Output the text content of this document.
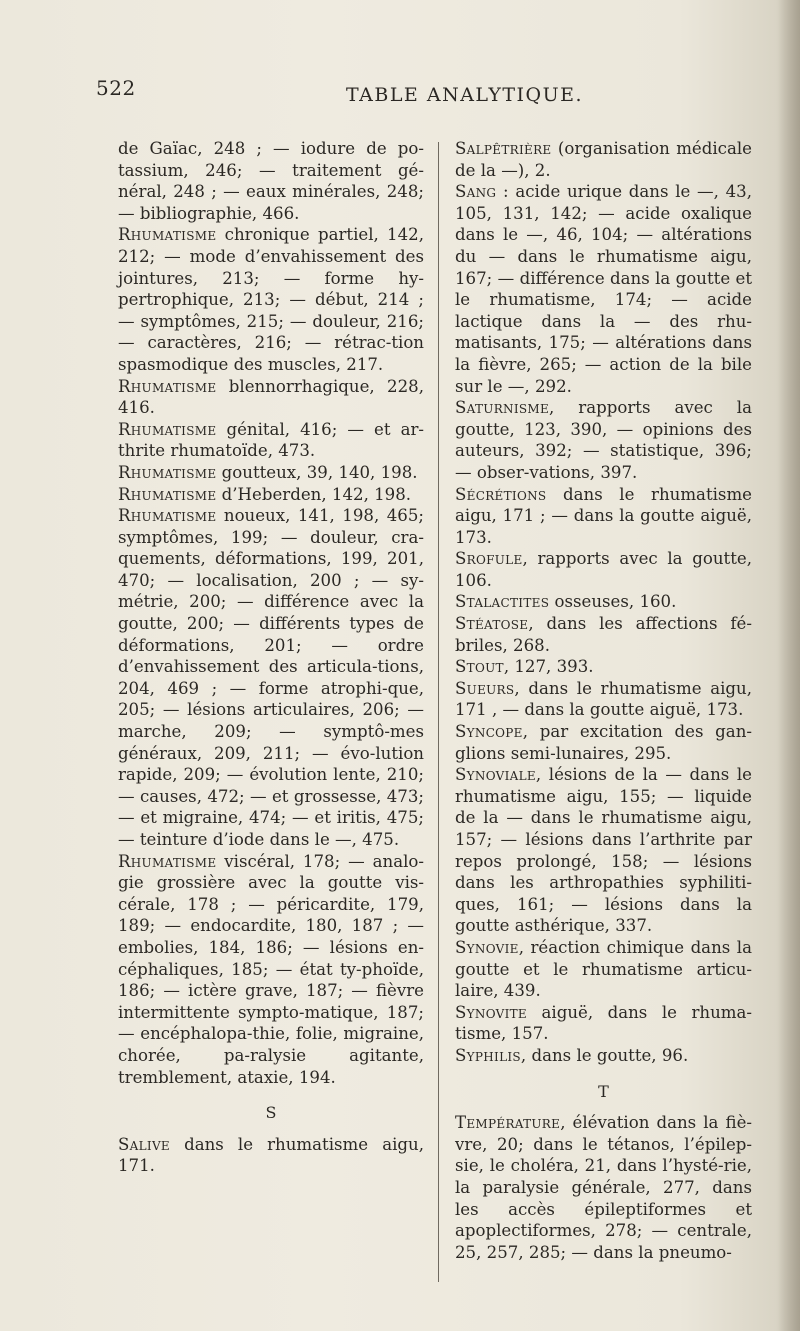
522	TABLE ANALYTIQUE.

de Gaïac, 248 ; — iodure de po-tassium, 246; — traitement gé-néral, 248 ; — eaux minérales, 248; — bibliographie, 466.

Rhumatisme chronique partiel, 142, 212; — mode d’envahissement des jointures, 213; — forme hy-pertrophique, 213; — début, 214 ; — symptômes, 215; — douleur, 216; — caractères, 216; — rétrac-tion spasmodique des muscles, 217.

Rhumatisme blennorrhagique, 228, 416.

Rhumatisme génital, 416; — et ar-thrite rhumatoïde, 473.

Rhumatisme goutteux, 39, 140, 198.

Rhumatisme d’Heberden, 142, 198.

Rhumatisme noueux, 141, 198, 465; symptômes, 199; — douleur, cra-quements, déformations, 199, 201, 470; — localisation, 200 ; — sy-métrie, 200; — différence avec la goutte, 200; — différents types de déformations, 201; — ordre d’envahissement des articula-tions, 204, 469 ; — forme atrophi-que, 205; — lésions articulaires, 206; — marche, 209; — symptô-mes généraux, 209, 211; — évo-lution rapide, 209; — évolution lente, 210; — causes, 472; — et grossesse, 473; — et migraine, 474; — et iritis, 475; — teinture d’iode dans le —, 475.

Rhumatisme viscéral, 178; — analo-gie grossière avec la goutte vis-cérale, 178 ; — péricardite, 179, 189; — endocardite, 180, 187 ; — embolies, 184, 186; — lésions en-céphaliques, 185; — état ty-phoïde, 186; — ictère grave, 187; — fièvre intermittente sympto-matique, 187; — encéphalopa-thie, folie, migraine, chorée, pa-ralysie agitante, tremblement, ataxie, 194.

S

Salive dans le rhumatisme aigu, 171.

Salpêtrière (organisation médicale de la —), 2.

Sang : acide urique dans le —, 43, 105, 131, 142; — acide oxalique dans le —, 46, 104; — altérations du — dans le rhumatisme aigu, 167; — différence dans la goutte et le rhumatisme, 174; — acide lactique dans la — des rhu-matisants, 175; — altérations dans la fièvre, 265; — action de la bile sur le —, 292.

Saturnisme, rapports avec la goutte, 123, 390, — opinions des auteurs, 392; — statistique, 396; — obser-vations, 397.

Sécrétions dans le rhumatisme aigu, 171 ; — dans la goutte aiguë, 173.

Srofule, rapports avec la goutte, 106.

Stalactites osseuses, 160.

Stéatose, dans les affections fé-briles, 268.

Stout, 127, 393.

Sueurs, dans le rhumatisme aigu, 171 , — dans la goutte aiguë, 173.

Syncope, par excitation des gan-glions semi-lunaires, 295.

Synoviale, lésions de la — dans le rhumatisme aigu, 155; — liquide de la — dans le rhumatisme aigu, 157; — lésions dans l’arthrite par repos prolongé, 158; — lésions dans les arthropathies syphiliti-ques, 161; — lésions dans la goutte asthérique, 337.

Synovie, réaction chimique dans la goutte et le rhumatisme articu-laire, 439.

Synovite aiguë, dans le rhuma-tisme, 157.

Syphilis, dans le goutte, 96.

T

Température, élévation dans la fiè-vre, 20; dans le tétanos, l’épilep-sie, le choléra, 21, dans l’hysté-rie, la paralysie générale, 277, dans les accès épileptiformes et apoplectiformes, 278; — centrale, 25, 257, 285; — dans la pneumo-
